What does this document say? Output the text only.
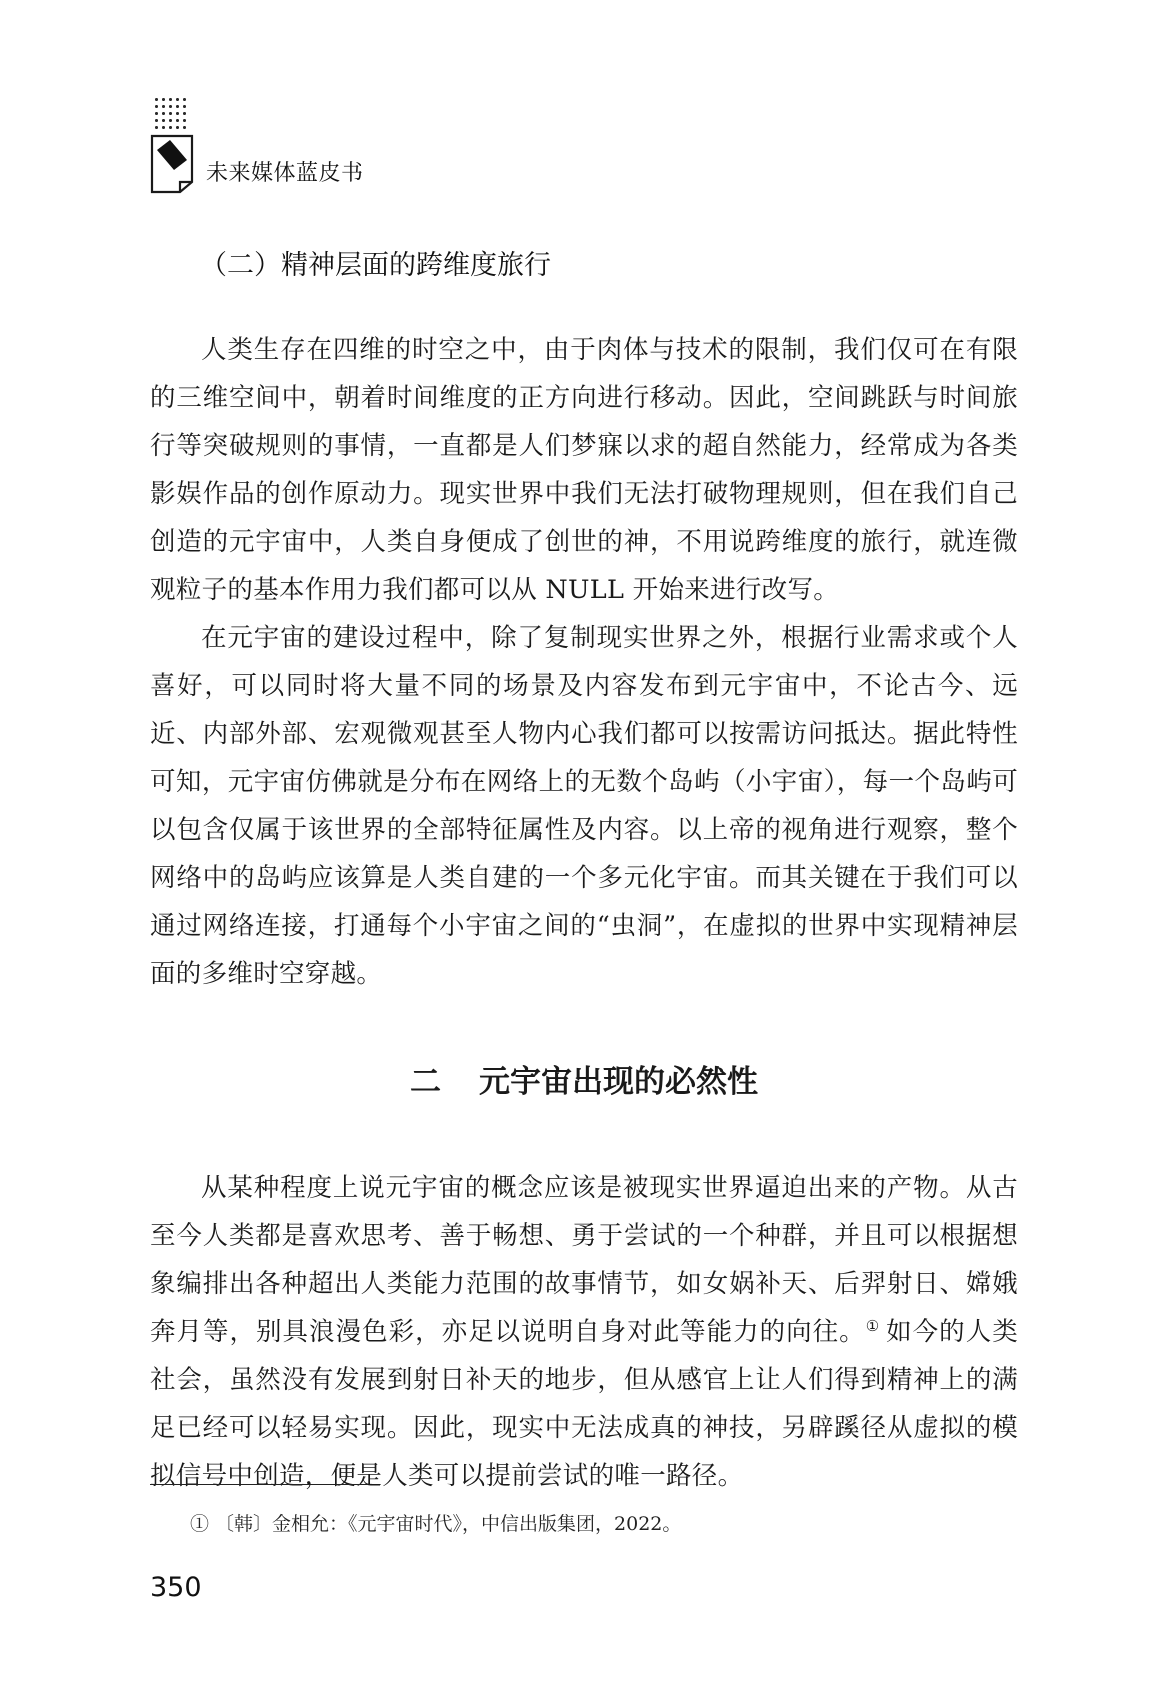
未来媒体蓝皮书
（二）精神层面的跨维度旅行

人类生存在四维的时空之中，由于肉体与技术的限制，我们仅可在有限的三维空间中，朝着时间维度的正方向进行移动。因此，空间跳跃与时间旅行等突破规则的事情，一直都是人们梦寐以求的超自然能力，经常成为各类影娱作品的创作原动力。现实世界中我们无法打破物理规则，但在我们自己创造的元宇宙中，人类自身便成了创世的神，不用说跨维度的旅行，就连微观粒子的基本作用力我们都可以从 NULL 开始来进行改写。

在元宇宙的建设过程中，除了复制现实世界之外，根据行业需求或个人喜好，可以同时将大量不同的场景及内容发布到元宇宙中，不论古今、远近、内部外部、宏观微观甚至人物内心我们都可以按需访问抵达。据此特性可知，元宇宙仿佛就是分布在网络上的无数个岛屿（小宇宙），每一个岛屿可以包含仅属于该世界的全部特征属性及内容。以上帝的视角进行观察，整个网络中的岛屿应该算是人类自建的一个多元化宇宙。而其关键在于我们可以通过网络连接，打通每个小宇宙之间的“虫洞”，在虚拟的世界中实现精神层面的多维时空穿越。

二 元宇宙出现的必然性

从某种程度上说元宇宙的概念应该是被现实世界逼迫出来的产物。从古至今人类都是喜欢思考、善于畅想、勇于尝试的一个种群，并且可以根据想象编排出各种超出人类能力范围的故事情节，如女娲补天、后羿射日、嫦娥奔月等，别具浪漫色彩，亦足以说明自身对此等能力的向往。① 如今的人类社会，虽然没有发展到射日补天的地步，但从感官上让人们得到精神上的满足已经可以轻易实现。因此，现实中无法成真的神技，另辟蹊径从虚拟的模拟信号中创造，便是人类可以提前尝试的唯一路径。

① 〔韩〕金相允：《元宇宙时代》，中信出版集团，2022。
350
